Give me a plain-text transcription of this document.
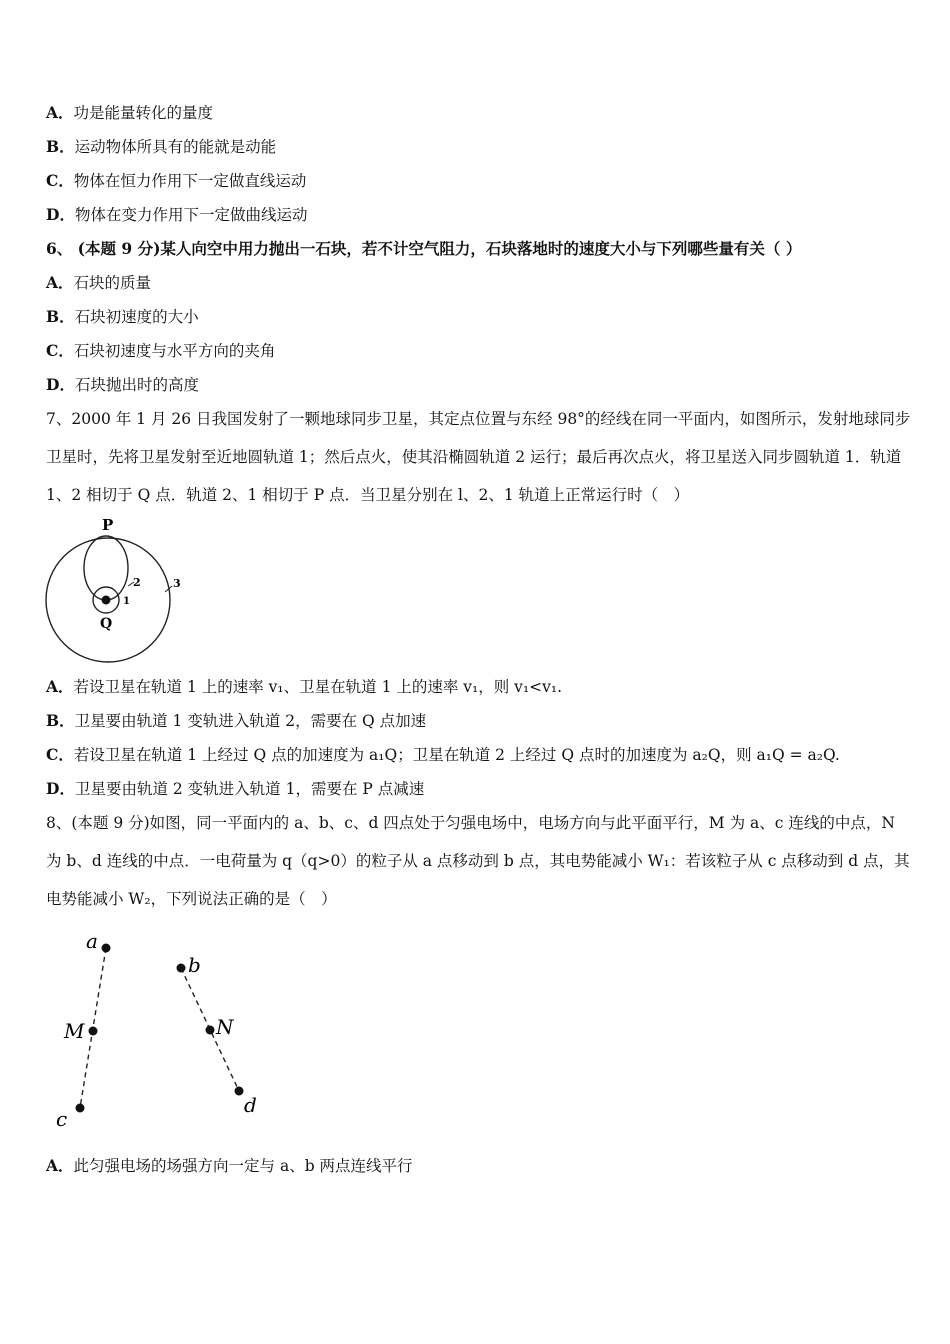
A．功是能量转化的量度
B．运动物体所具有的能就是动能
C．物体在恒力作用下一定做直线运动
D．物体在变力作用下一定做曲线运动
6、 (本题 9 分)某人向空中用力抛出一石块，若不计空气阻力，石块落地时的速度大小与下列哪些量有关（ ）
A．石块的质量
B．石块初速度的大小
C．石块初速度与水平方向的夹角
D．石块抛出时的高度
7、2000 年 1 月 26 日我国发射了一颗地球同步卫星，其定点位置与东经 98°的经线在同一平面内，如图所示，发射地球同步卫星时，先将卫星发射至近地圆轨道 1；然后点火，使其沿椭圆轨道 2 运行；最后再次点火，将卫星送入同步圆轨道 1．轨道 1、2 相切于 Q 点．轨道 2、1 相切于 P 点．当卫星分别在 l、2、1 轨道上正常运行时（　）
P
Q
1
2	3
A．若设卫星在轨道 1 上的速率 v₁、卫星在轨道 1 上的速率 v₁，则 v₁<v₁.
B．卫星要由轨道 1 变轨进入轨道 2，需要在 Q 点加速
C．若设卫星在轨道 1 上经过 Q 点的加速度为 a₁Q；卫星在轨道 2 上经过 Q 点时的加速度为 a₂Q，则 a₁Q = a₂Q.
D．卫星要由轨道 2 变轨进入轨道 1，需要在 P 点减速
8、(本题 9 分)如图，同一平面内的 a、b、c、d 四点处于匀强电场中，电场方向与此平面平行，M 为 a、c 连线的中点，N 为 b、d 连线的中点．一电荷量为 q（q>0）的粒子从 a 点移动到 b 点，其电势能减小 W₁：若该粒子从 c 点移动到 d 点，其电势能减小 W₂，下列说法正确的是（　）
a
M
c
b
N
d
A．此匀强电场的场强方向一定与 a、b 两点连线平行
